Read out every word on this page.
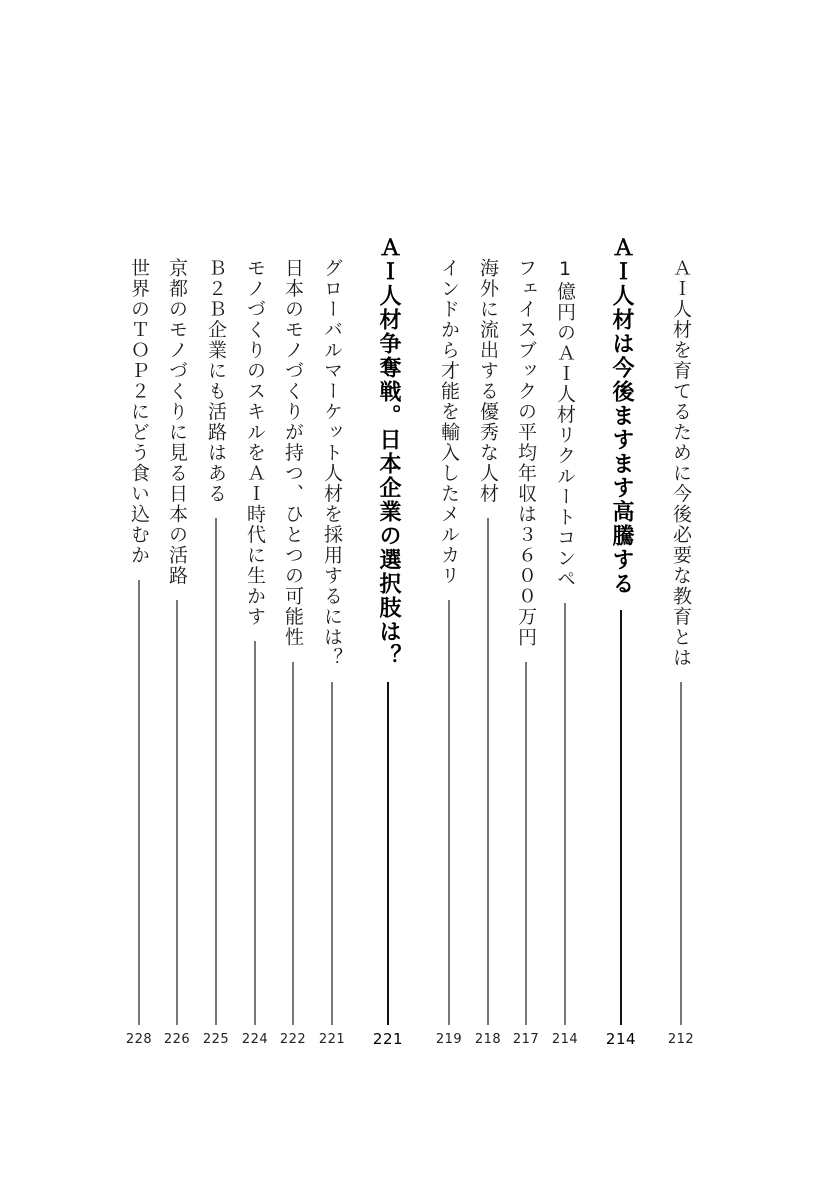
ＡＩ人材を育てるために今後必要な教育とは
212
ＡＩ人材は今後ますます高騰する
214
1億円のＡＩ人材リクルートコンペ
214
フェイスブックの平均年収は３６００万円
217
海外に流出する優秀な人材
218
インドから才能を輸入したメルカリ
219
ＡＩ人材争奪戦。日本企業の選択肢は？
221
グローバルマーケット人材を採用するには？
221
日本のモノづくりが持つ、ひとつの可能性
222
モノづくりのスキルをＡＩ時代に生かす
224
Ｂ２Ｂ企業にも活路はある
225
京都のモノづくりに見る日本の活路
226
世界のＴＯＰ２にどう食い込むか
228
